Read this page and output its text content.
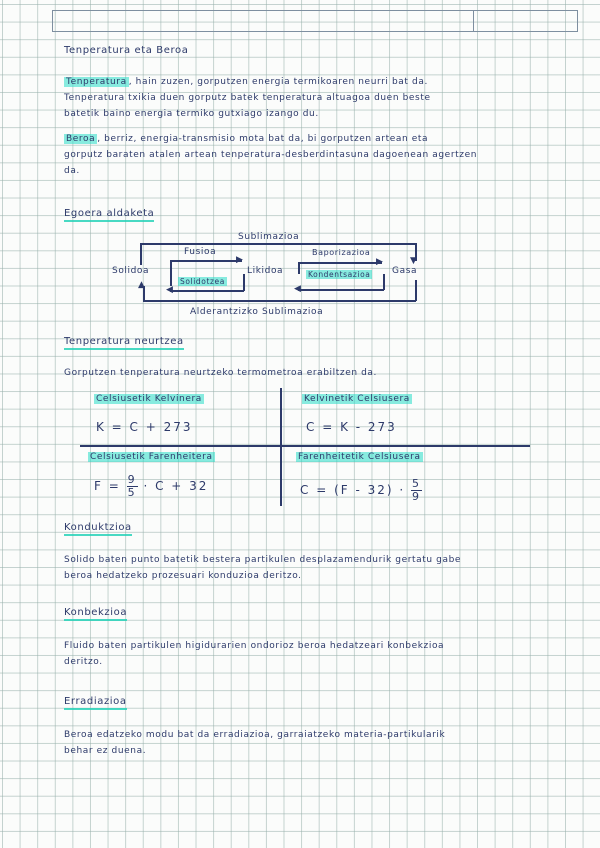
Tenperatura eta Beroa
Tenperatura , hain zuzen, gorputzen energia termikoaren neurri bat da.
Tenperatura txikia duen gorputz batek tenperatura altuagoa duen beste
batetik baino energia termiko gutxiago izango du.
Beroa , berriz, energia-transmisio mota bat da, bi gorputzen artean eta
gorputz baraten atalen artean tenperatura-desberdintasuna dagoenean agertzen
da.
Egoera aldaketa
Sublimazioa
▼
Solidoa	Likidoa	Gasa
Fusioa
▶
Solidotzea
◀
Baporizazioa
▶
Kondentsazioa
◀
▲
Alderantzizko Sublimazioa
Tenperatura neurtzea
Gorputzen tenperatura neurtzeko termometroa erabiltzen da.
Celsiusetik Kelvinera
K = C + 273
Kelvinetik Celsiusera
C = K - 273
Celsiusetik Farenheitera
$F = \frac{9}{5} \cdot C + 32$
Farenheitetik Celsiusera
$C = (F - 32) \cdot \frac{5}{9}$
Konduktzioa
Solido baten punto batetik bestera partikulen desplazamendurik gertatu gabe
beroa hedatzeko prozesuari konduzioa deritzo.
Konbekzioa
Fluido baten partikulen higidurarien ondorioz beroa hedatzeari konbekzioa
deritzo.
Erradiazioa
Beroa edatzeko modu bat da erradiazioa, garraiatzeko materia-partikularik
behar ez duena.
